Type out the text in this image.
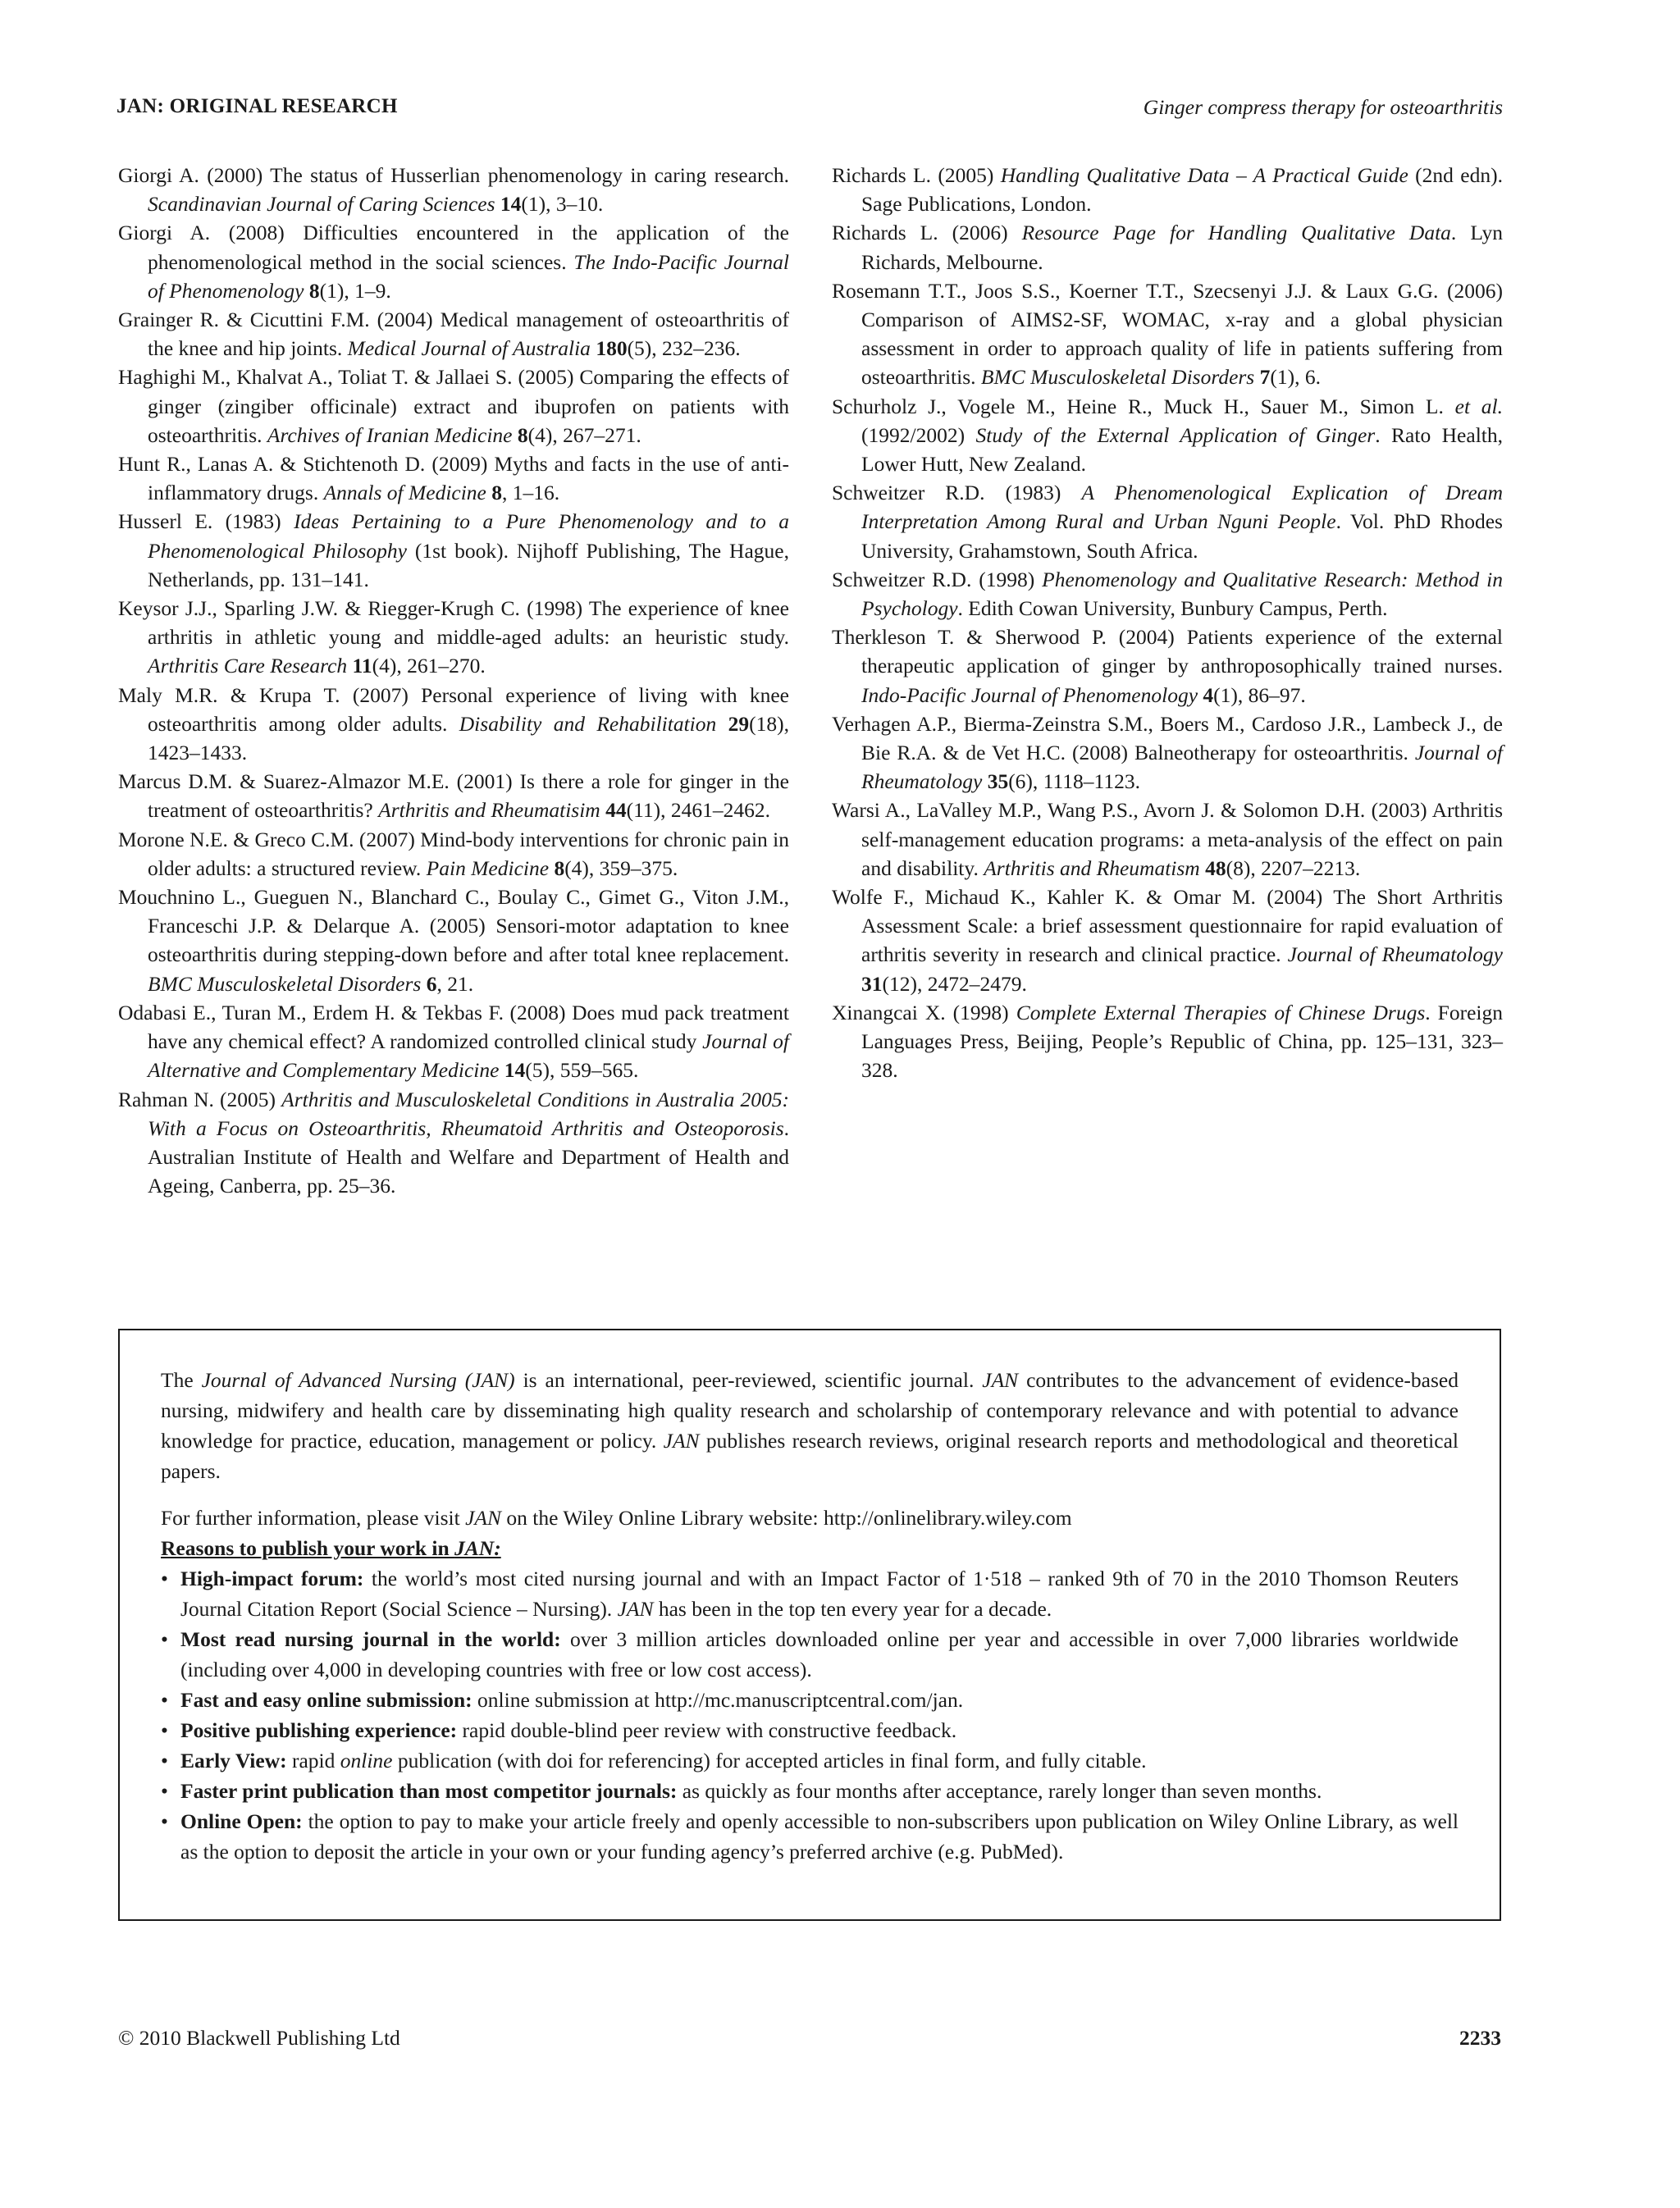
JAN: ORIGINAL RESEARCH	Ginger compress therapy for osteoarthritis

Giorgi A. (2000) The status of Husserlian phenomenology in caring research. Scandinavian Journal of Caring Sciences 14(1), 3–10.

Giorgi A. (2008) Difficulties encountered in the application of the phenomenological method in the social sciences. The Indo-Pacific Journal of Phenomenology 8(1), 1–9.

Grainger R. & Cicuttini F.M. (2004) Medical management of osteoarthritis of the knee and hip joints. Medical Journal of Australia 180(5), 232–236.

Haghighi M., Khalvat A., Toliat T. & Jallaei S. (2005) Comparing the effects of ginger (zingiber officinale) extract and ibuprofen on patients with osteoarthritis. Archives of Iranian Medicine 8(4), 267–271.

Hunt R., Lanas A. & Stichtenoth D. (2009) Myths and facts in the use of anti-inflammatory drugs. Annals of Medicine 8, 1–16.

Husserl E. (1983) Ideas Pertaining to a Pure Phenomenology and to a Phenomenological Philosophy (1st book). Nijhoff Publishing, The Hague, Netherlands, pp. 131–141.

Keysor J.J., Sparling J.W. & Riegger-Krugh C. (1998) The experience of knee arthritis in athletic young and middle-aged adults: an heuristic study. Arthritis Care Research 11(4), 261–270.

Maly M.R. & Krupa T. (2007) Personal experience of living with knee osteoarthritis among older adults. Disability and Rehabilitation 29(18), 1423–1433.

Marcus D.M. & Suarez-Almazor M.E. (2001) Is there a role for ginger in the treatment of osteoarthritis? Arthritis and Rheumatisim 44(11), 2461–2462.

Morone N.E. & Greco C.M. (2007) Mind-body interventions for chronic pain in older adults: a structured review. Pain Medicine 8(4), 359–375.

Mouchnino L., Gueguen N., Blanchard C., Boulay C., Gimet G., Viton J.M., Franceschi J.P. & Delarque A. (2005) Sensori-motor adaptation to knee osteoarthritis during stepping-down before and after total knee replacement. BMC Musculoskeletal Disorders 6, 21.

Odabasi E., Turan M., Erdem H. & Tekbas F. (2008) Does mud pack treatment have any chemical effect? A randomized controlled clinical study Journal of Alternative and Complementary Medicine 14(5), 559–565.

Rahman N. (2005) Arthritis and Musculoskeletal Conditions in Australia 2005: With a Focus on Osteoarthritis, Rheumatoid Arthritis and Osteoporosis. Australian Institute of Health and Welfare and Department of Health and Ageing, Canberra, pp. 25–36.

Richards L. (2005) Handling Qualitative Data – A Practical Guide (2nd edn). Sage Publications, London.

Richards L. (2006) Resource Page for Handling Qualitative Data. Lyn Richards, Melbourne.

Rosemann T.T., Joos S.S., Koerner T.T., Szecsenyi J.J. & Laux G.G. (2006) Comparison of AIMS2-SF, WOMAC, x-ray and a global physician assessment in order to approach quality of life in patients suffering from osteoarthritis. BMC Musculoskeletal Disorders 7(1), 6.

Schurholz J., Vogele M., Heine R., Muck H., Sauer M., Simon L. et al. (1992/2002) Study of the External Application of Ginger. Rato Health, Lower Hutt, New Zealand.

Schweitzer R.D. (1983) A Phenomenological Explication of Dream Interpretation Among Rural and Urban Nguni People. Vol. PhD Rhodes University, Grahamstown, South Africa.

Schweitzer R.D. (1998) Phenomenology and Qualitative Research: Method in Psychology. Edith Cowan University, Bunbury Campus, Perth.

Therkleson T. & Sherwood P. (2004) Patients experience of the external therapeutic application of ginger by anthroposophically trained nurses. Indo-Pacific Journal of Phenomenology 4(1), 86–97.

Verhagen A.P., Bierma-Zeinstra S.M., Boers M., Cardoso J.R., Lambeck J., de Bie R.A. & de Vet H.C. (2008) Balneotherapy for osteoarthritis. Journal of Rheumatology 35(6), 1118–1123.

Warsi A., LaValley M.P., Wang P.S., Avorn J. & Solomon D.H. (2003) Arthritis self-management education programs: a meta-analysis of the effect on pain and disability. Arthritis and Rheumatism 48(8), 2207–2213.

Wolfe F., Michaud K., Kahler K. & Omar M. (2004) The Short Arthritis Assessment Scale: a brief assessment questionnaire for rapid evaluation of arthritis severity in research and clinical practice. Journal of Rheumatology 31(12), 2472–2479.

Xinangcai X. (1998) Complete External Therapies of Chinese Drugs. Foreign Languages Press, Beijing, People’s Republic of China, pp. 125–131, 323–328.

The Journal of Advanced Nursing (JAN) is an international, peer-reviewed, scientific journal. JAN contributes to the advancement of evidence-based nursing, midwifery and health care by disseminating high quality research and scholarship of contemporary relevance and with potential to advance knowledge for practice, education, management or policy. JAN publishes research reviews, original research reports and methodological and theoretical papers.

For further information, please visit JAN on the Wiley Online Library website: http://onlinelibrary.wiley.com

Reasons to publish your work in JAN:

• High-impact forum: the world’s most cited nursing journal and with an Impact Factor of 1·518 – ranked 9th of 70 in the 2010 Thomson Reuters Journal Citation Report (Social Science – Nursing). JAN has been in the top ten every year for a decade.
• Most read nursing journal in the world: over 3 million articles downloaded online per year and accessible in over 7,000 libraries worldwide (including over 4,000 in developing countries with free or low cost access).
• Fast and easy online submission: online submission at http://mc.manuscriptcentral.com/jan.
• Positive publishing experience: rapid double-blind peer review with constructive feedback.
• Early View: rapid online publication (with doi for referencing) for accepted articles in final form, and fully citable.
• Faster print publication than most competitor journals: as quickly as four months after acceptance, rarely longer than seven months.
• Online Open: the option to pay to make your article freely and openly accessible to non-subscribers upon publication on Wiley Online Library, as well as the option to deposit the article in your own or your funding agency’s preferred archive (e.g. PubMed).
© 2010 Blackwell Publishing Ltd	2233
